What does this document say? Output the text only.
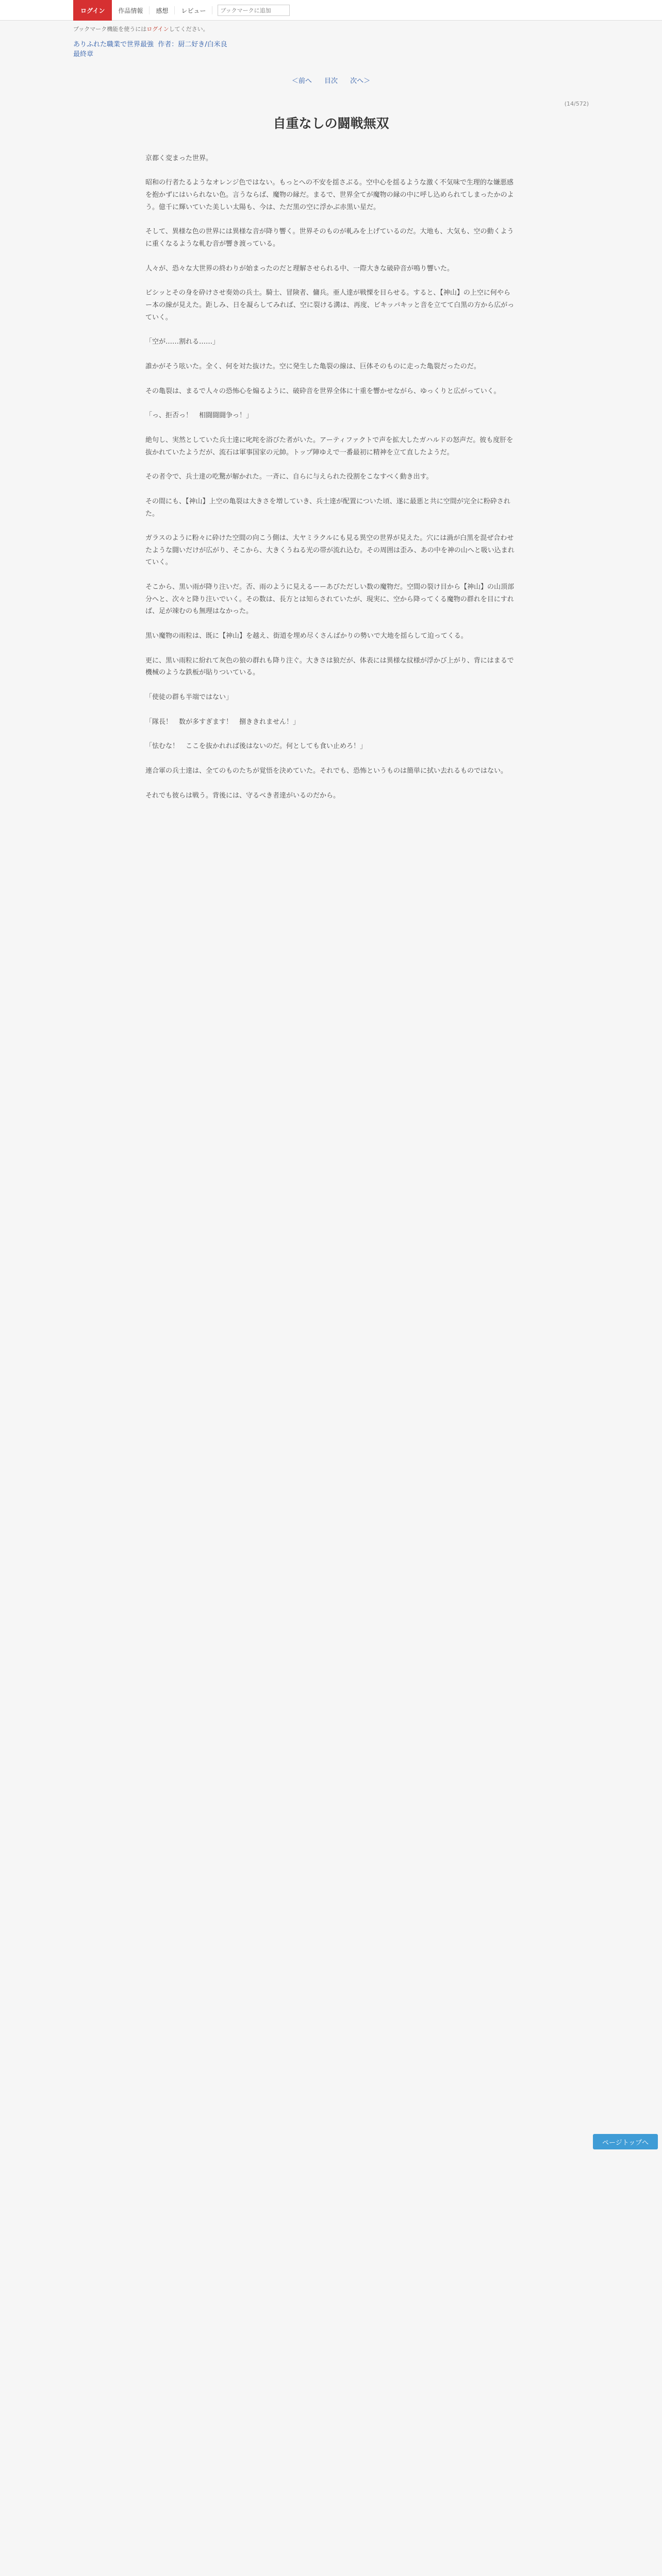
ログイン	作品情報	感想	レビュー
ブックマークに追加
ブックマーク機能を使うにはログインしてください。
ありふれた職業で世界最強 作者：厨二好き/白米良
最終章
＜前へ 目次 次へ＞
(14/572)
自重なしの闘戦無双

京都く変まった世界。

昭和の行者たるようなオレンジ色ではない。もっとへの不安を揺さぶる。空中心を揺るような激く不気味で生理的な嫌悪感を抱かずにはいられない色。言うならば、魔物の縁だ。まるで、世界全てが魔物の縁の中に呼し込められてしまったかのよう。億千に輝いていた美しい太陽も、今は、ただ黒の空に浮かぶ赤黒い星だ。

そして、異様な色の世界には異様な音が降り響く。世界そのものが軋みを上げているのだ。大地も、大気も、空の動くように重くなるような軋む音が響き渡っている。

人々が、恐々な大世界の終わりが始まったのだと理解させられる中、一際大きな破砕音が鳴り響いた。

ビシッとその身を砕けさせ奏効の兵士。騎士、冒険者、傭兵。亜人達が戦慄を目らせる。すると、【神山】の上空に何やらー本の線が見えた。距しみ、日を凝らしてみれば、空に裂ける溝は、再度、ビキッパキッと音を立てて白黒の方から広がっていく。

「空が……割れる……」

誰かがそう呟いた。全く、何を対た抜けた。空に発生した亀裂の線は、巨体そのものに走った亀裂だったのだ。

その亀裂は、まるで人々の恐怖心を煽るように、破砕音を世界全体に十重を響かせながら、ゆっくりと広がっていく。

「っ、拒否っ！　相闘闘闘争っ！」

絶句し、実然としていた兵士達に叱咤を浴びた者がいた。アーティファクトで声を拡大したガハルドの怒声だ。彼も度肝を抜かれていたようだが、流石は軍事国家の元帥。トップ陣ゆえで一番最初に精神を立て直したようだ。

その者令で、兵士達の吃驚が解かれた。一斉に、自らに与えられた役割をこなすべく動き出す。

その間にも、【神山】上空の亀裂は大きさを増していき、兵士達が配置についた頃、遂に最悪と共に空間が完全に粉砕された。

ガラスのように粉々に砕けた空間の向こう側は、大ヤミラクルにも見る異空の世界が見えた。穴には渦が白黒を混ぜ合わせたような闘いだけが広がり、そこから、大きくうねる光の帯が流れ込む。その周囲は歪み、あの中を神の山へと吸い込まれていく。

そこから、黒い雨が降り注いだ。否、雨のように見えるーーあびただしい数の魔物だ。空間の裂け目から【神山】の山頂部分へと、次々と降り注いでいく。その数は、長方とは知らされていたが、現実に、空から降ってくる魔物の群れを目にすれば、足が竦むのも無理はなかった。

黒い魔物の雨粒は、既に【神山】を越え、街道を埋め尽くさんばかりの勢いで大地を揺らして迫ってくる。

更に、黒い雨粒に紛れて灰色の狼の群れも降り注ぐ。大きさは狼だが、体表には異様な紋様が浮かび上がり、背にはまるで機械のような鉄板が貼りついている。

「使徒の群も半端ではない」

「隊長！　数が多すぎます！　捌ききれません！」

「怯むな！　ここを抜かれれば後はないのだ。何としても食い止めろ！」

連合軍の兵士達は、全てのものたちが覚悟を決めていた。それでも、恐怖というものは簡単に拭い去れるものではない。

それでも彼らは戦う。背後には、守るべき者達がいるのだから。

ページトップへ
